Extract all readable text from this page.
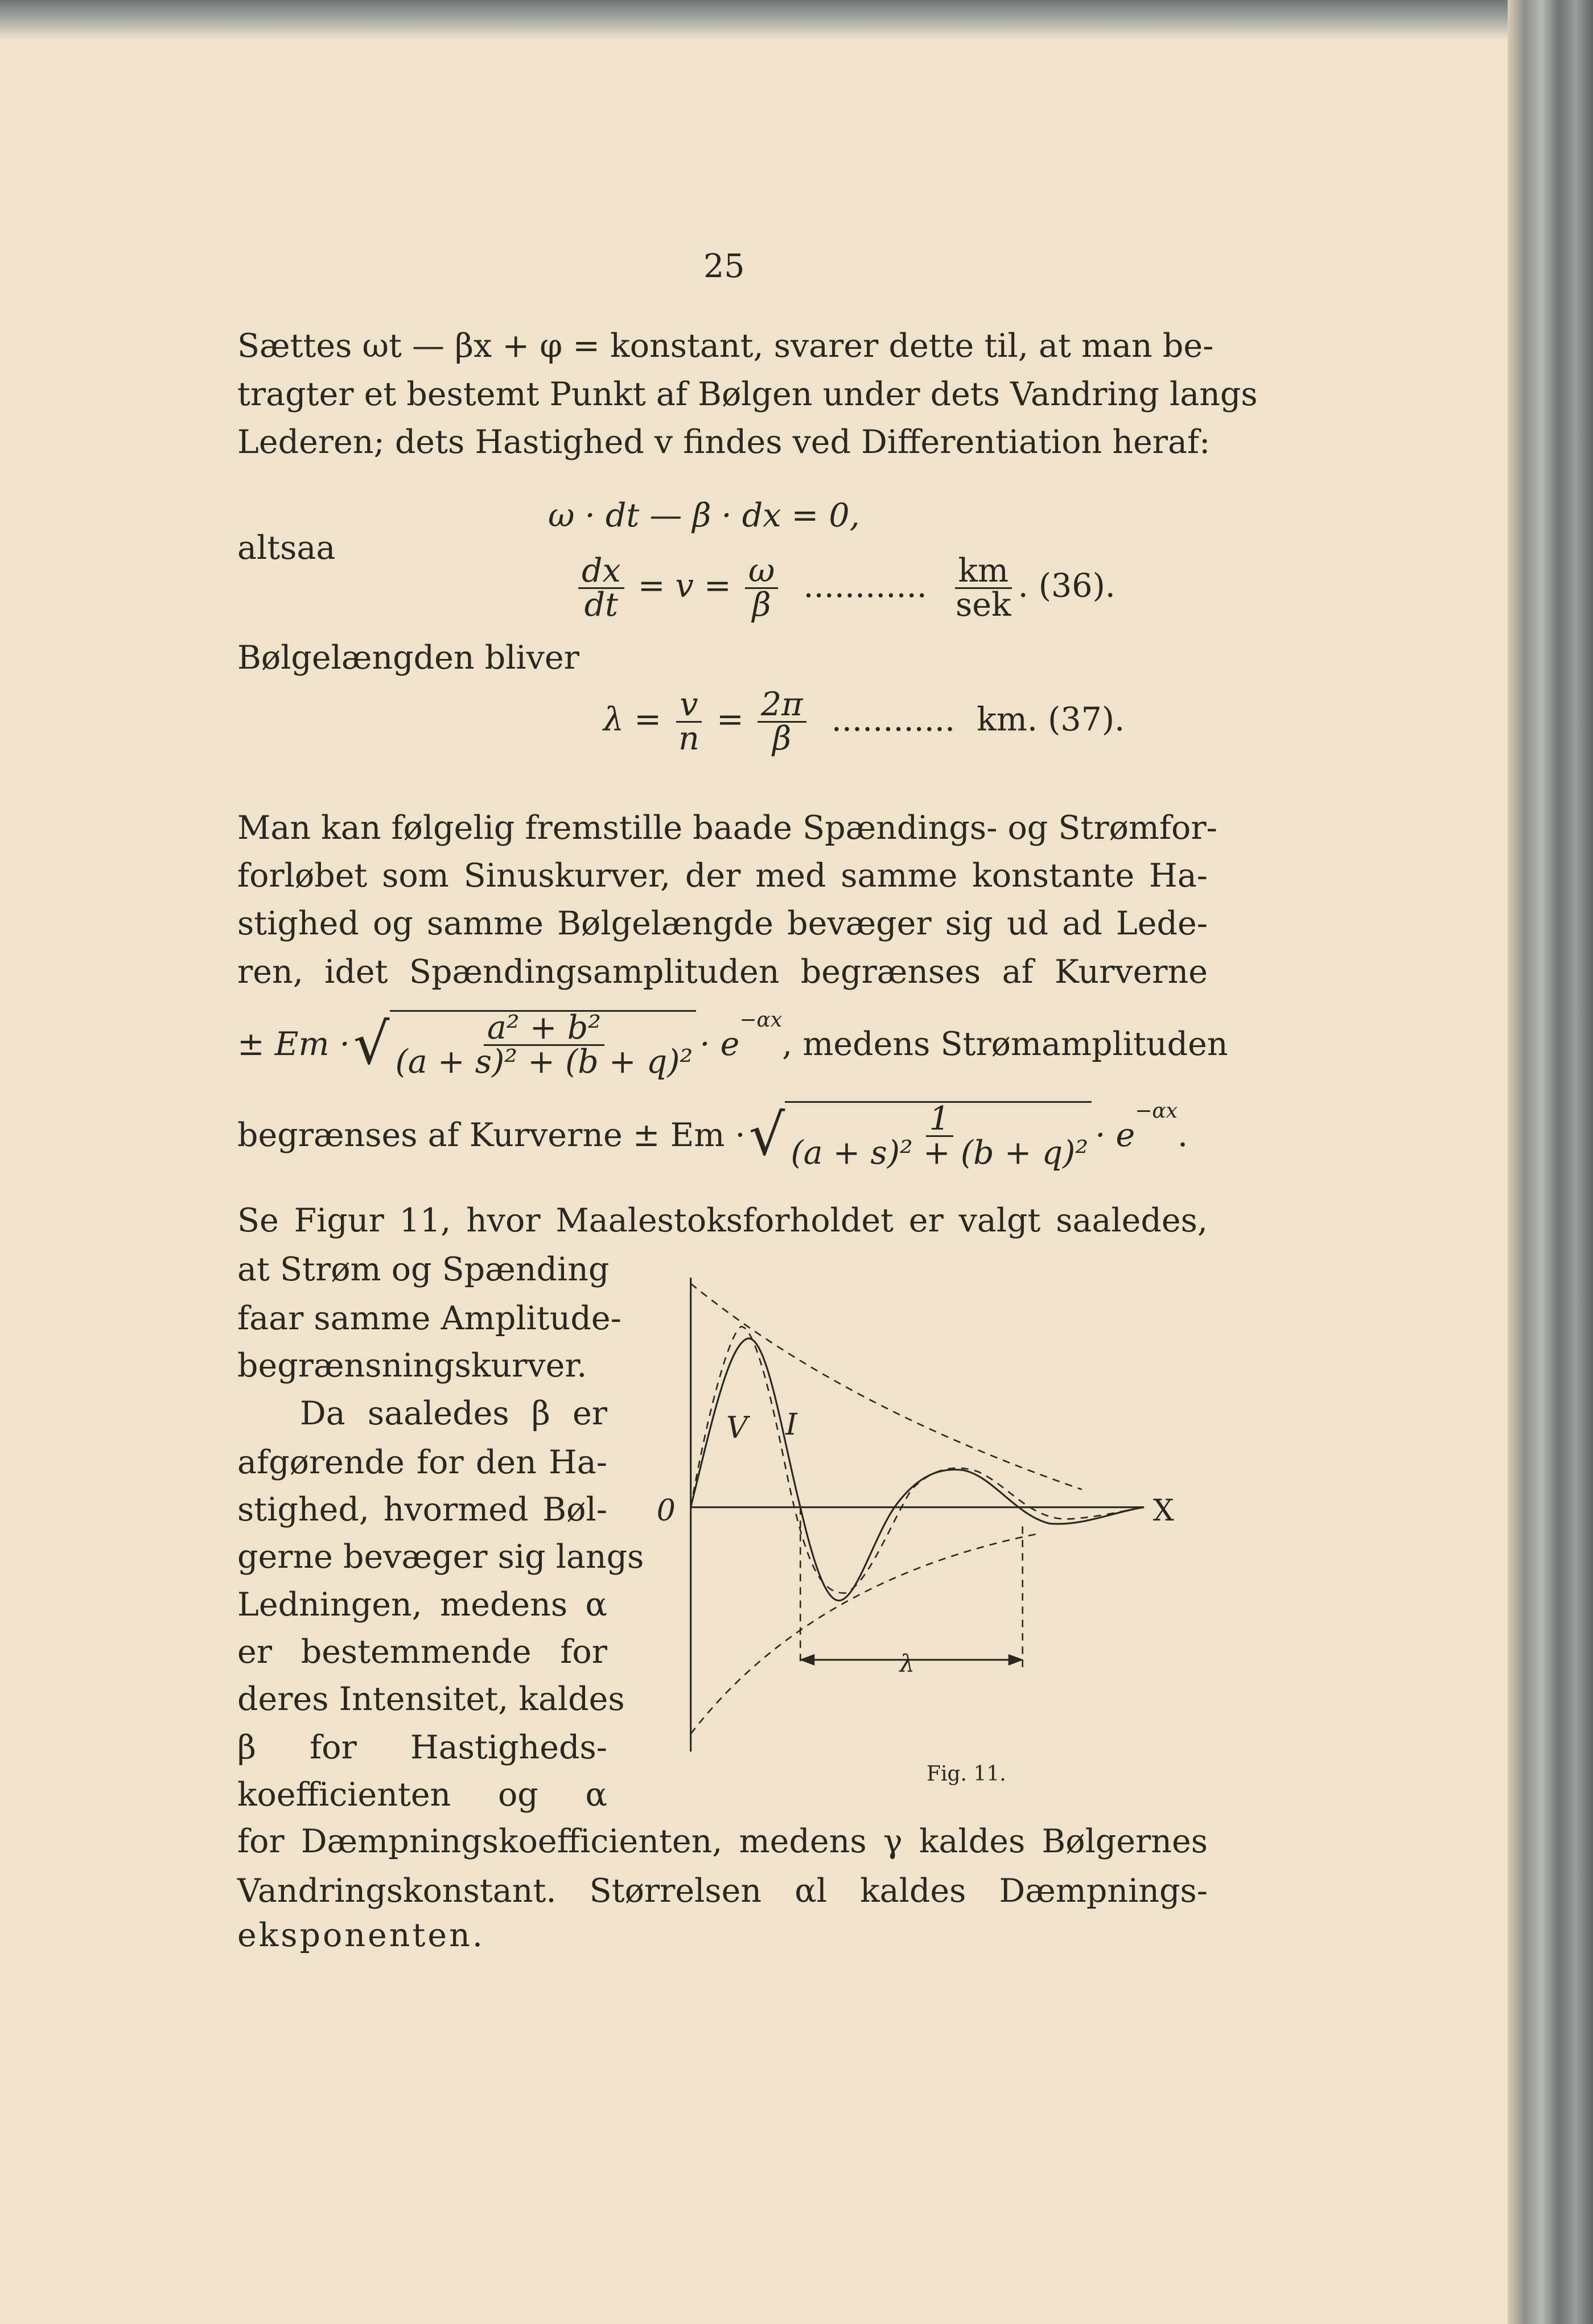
25
Sættes ωt — βx + φ = konstant, svarer dette til, at man be-
tragter et bestemt Punkt af Bølgen under dets Vandring langs
Lederen; dets Hastighed v findes ved Differentiation heraf:
ω · dt — β · dx = 0,
altsaa
$\frac{dx}{dt} = v = \frac{\omega}{\beta}$ ............ $\frac{km}{\text{sek}}$ . (36).
Bølgelængden bliver
$\lambda = \frac{v}{n} = \frac{2\pi}{\beta}$ ............ km. (37).
Man kan følgelig fremstille baade Spændings- og Strømfor-
forløbet som Sinuskurver, der med samme konstante Ha-
stighed og samme Bølgelængde bevæger sig ud ad Lede-
ren, idet Spændingsamplituden begrænses af Kurverne
± Em · √ $\frac{\text{a² + b²}}{\text{(a + s)² + (b + q)²}} \cdot e$
$^{-\alpha x}$
, medens Strømamplituden
begrænses af Kurverne ± Em · √ $\frac{1}{\text{(a + s)² + (b + q)²}} \cdot e$
$^{-\alpha x}$
.
Se Figur 11, hvor Maalestoksforholdet er valgt saaledes,
at Strøm og Spænding
faar samme Amplitude-
begrænsningskurver.
Da saaledes β er
afgørende for den Ha-
stighed, hvormed Bøl-
gerne bevæger sig langs
Ledningen, medens α
er bestemmende for
deres Intensitet, kaldes
β for Hastigheds-
koefficienten og α
for Dæmpningskoefficienten, medens γ kaldes Bølgernes
Vandringskonstant. Størrelsen αl kaldes Dæmpnings-
eksponenten.
0	X
V	I
λ
Fig. 11.
